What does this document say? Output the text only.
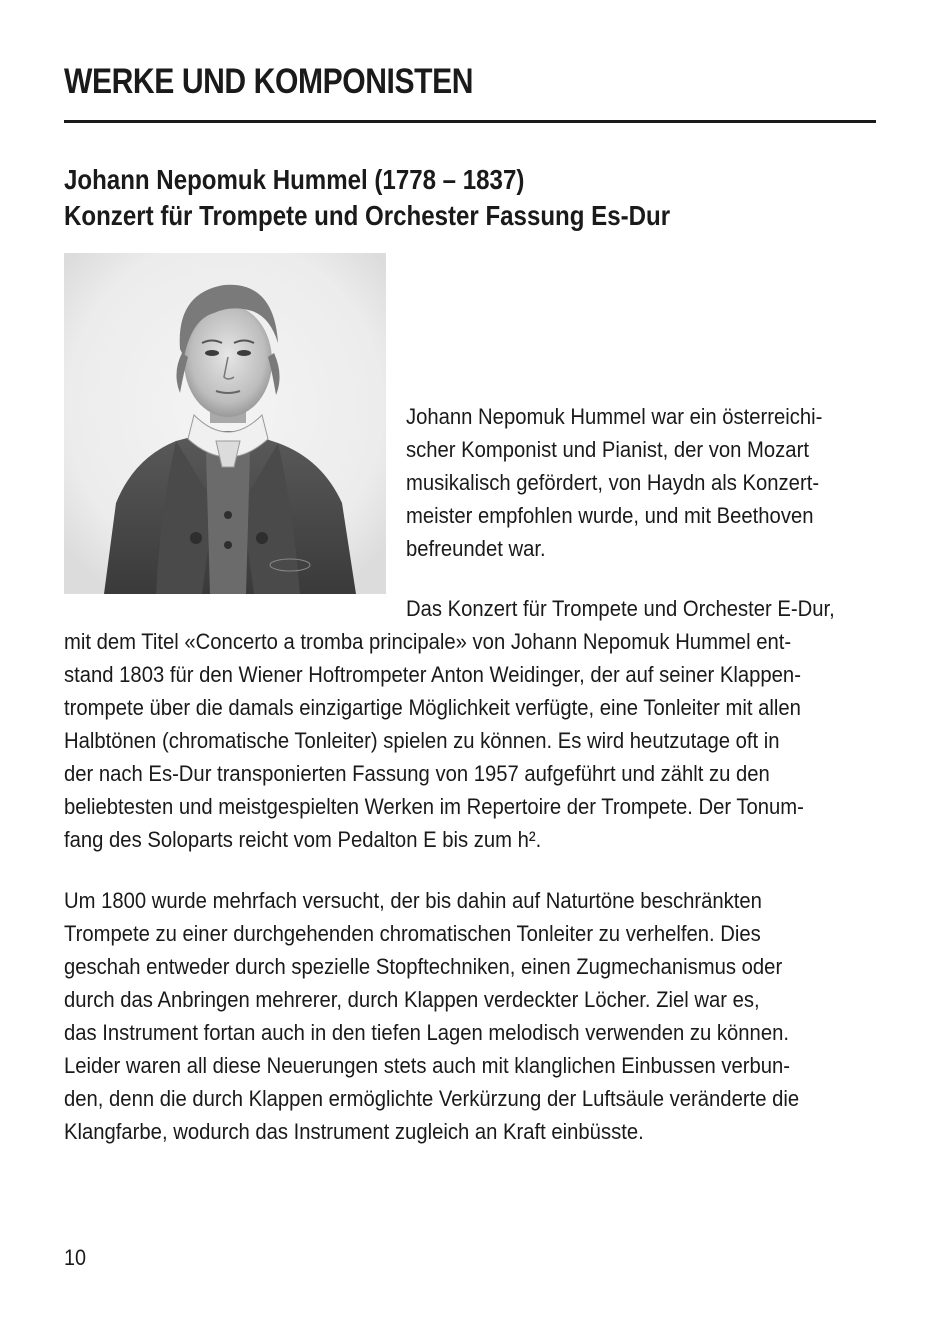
WERKE UND KOMPONISTEN
Johann Nepomuk Hummel (1778 – 1837)
Konzert für Trompete und Orchester Fassung Es-Dur

Johann Nepomuk Hummel war ein österreichi-

scher Komponist und Pianist, der von Mozart

musikalisch gefördert, von Haydn als Konzert-

meister empfohlen wurde, und mit Beethoven

befreundet war.

Das Konzert für Trompete und Orchester E-Dur,

mit dem Titel «Concerto a tromba principale» von Johann Nepomuk Hummel ent-

stand 1803 für den Wiener Hoftrompeter Anton Weidinger, der auf seiner Klappen-

trompete über die damals einzigartige Möglichkeit verfügte, eine Tonleiter mit allen

Halbtönen (chromatische Tonleiter) spielen zu können. Es wird heutzutage oft in

der nach Es-Dur transponierten Fassung von 1957 aufgeführt und zählt zu den

beliebtesten und meistgespielten Werken im Repertoire der Trompete. Der Tonum-

fang des Soloparts reicht vom Pedalton E bis zum h².

Um 1800 wurde mehrfach versucht, der bis dahin auf Naturtöne beschränkten

Trompete zu einer durchgehenden chromatischen Tonleiter zu verhelfen. Dies

geschah entweder durch spezielle Stopftechniken, einen Zugmechanismus oder

durch das Anbringen mehrerer, durch Klappen verdeckter Löcher. Ziel war es,

das Instrument fortan auch in den tiefen Lagen melodisch verwenden zu können.

Leider waren all diese Neuerungen stets auch mit klanglichen Einbussen verbun-

den, denn die durch Klappen ermöglichte Verkürzung der Luftsäule veränderte die

Klangfarbe, wodurch das Instrument zugleich an Kraft einbüsste.

10
